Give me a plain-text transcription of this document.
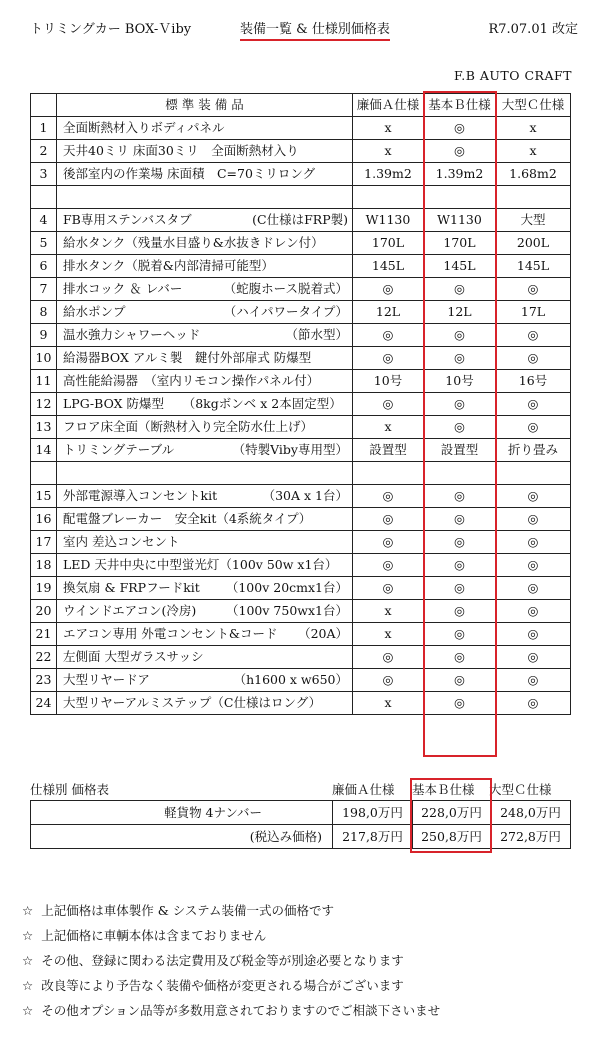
トリミングカー BOX-Ｖiby	装備一覧 & 仕様別価格表	R7.07.01 改定
F.B AUTO CRAFT
	標 準 装 備 品	廉価Ａ仕様	基本Ｂ仕様	大型Ｃ仕様
1	全面断熱材入りボディパネル	x	◎	x
2	天井40ミリ 床面30ミリ　全面断熱材入り	x	◎	x
3	後部室内の作業場 床面積　C=70ミリロング	1.39m2	1.39m2	1.68m2

4	FB専用ステンバスタブ (C仕様はFRP製)	W1130	W1130	大型
5	給水タンク（残量水目盛り&水抜きドレン付）	170L	170L	200L
6	排水タンク（脱着&内部清掃可能型）	145L	145L	145L
7	排水コック ＆ レバー （蛇腹ホース脱着式）	◎	◎	◎
8	給水ポンプ （ハイパワータイプ）	12L	12L	17L
9	温水強力シャワーヘッド （節水型）	◎	◎	◎
10	給湯器BOX アルミ製　鍵付外部扉式 防爆型	◎	◎	◎
11	高性能給湯器　（室内リモコン操作パネル付）	10号	10号	16号
12	LPG-BOX 防爆型　　（8kgボンベ x 2本固定型）	◎	◎	◎
13	フロア床全面（断熱材入り完全防水仕上げ）	x	◎	◎
14	トリミングテーブル （特製Viby専用型）	設置型	設置型	折り畳み

15	外部電源導入コンセントkit （30A x 1台）	◎	◎	◎
16	配電盤ブレーカー　安全kit（4系統タイプ）	◎	◎	◎
17	室内 差込コンセント	◎	◎	◎
18	LED 天井中央に中型蛍光灯（100v 50w x1台）	◎	◎	◎
19	換気扇 & FRPフードkit （100v 20cmx1台）	◎	◎	◎
20	ウインドエアコン(冷房) （100v 750wx1台）	x	◎	◎
21	エアコン専用 外電コンセント&コード （20A）	x	◎	◎
22	左側面 大型ガラスサッシ	◎	◎	◎
23	大型リヤードア （h1600 x w650）	◎	◎	◎
24	大型リヤーアルミステップ（C仕様はロング）	x	◎	◎
仕様別 価格表	廉価Ａ仕様 基本Ｂ仕様 大型Ｃ仕様
軽貨物 4ナンバー	198,0万円	228,0万円	248,0万円
(税込み価格)	217,8万円	250,8万円	272,8万円
☆ 上記価格は車体製作 & システム装備一式の価格です
☆ 上記価格に車輌本体は含まておりません
☆ その他、登録に関わる法定費用及び税金等が別途必要となります
☆ 改良等により予告なく装備や価格が変更される場合がございます
☆ その他オプション品等が多数用意されておりますのでご相談下さいませ
